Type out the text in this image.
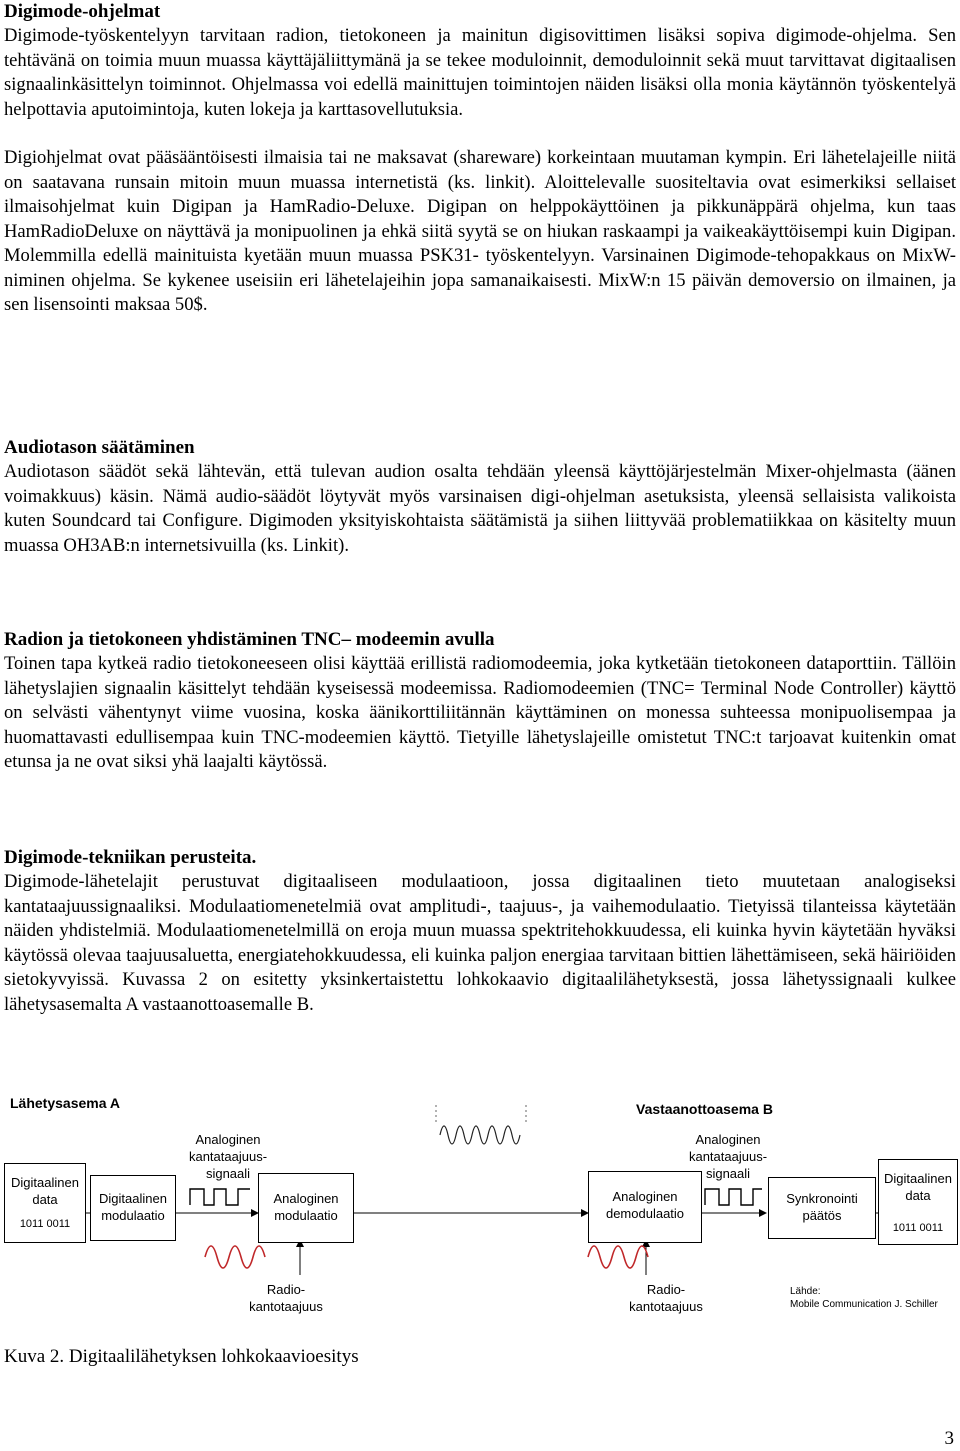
Digimode-ohjelmat

Digimode-työskentelyyn tarvitaan radion, tietokoneen ja mainitun digisovittimen lisäksi sopiva digimode-ohjelma. Sen tehtävänä on toimia muun muassa käyttäjäliittymänä ja se tekee moduloinnit, demoduloinnit sekä muut tarvittavat digitaalisen signaalinkäsittelyn toiminnot. Ohjelmassa voi edellä mainittujen toimintojen näiden lisäksi olla monia käytännön työskentelyä helpottavia aputoimintoja, kuten lokeja ja karttasovellutuksia.

Digiohjelmat ovat pääsääntöisesti ilmaisia tai ne maksavat (shareware) korkeintaan muutaman kympin. Eri lähetelajeille niitä on saatavana runsain mitoin muun muassa internetistä (ks. linkit). Aloittelevalle suositeltavia ovat esimerkiksi sellaiset ilmaisohjelmat kuin Digipan ja HamRadio-Deluxe. Digipan on helppokäyttöinen ja pikkunäppärä ohjelma, kun taas HamRadioDeluxe on näyttävä ja monipuolinen ja ehkä siitä syytä se on hiukan raskaampi ja vaikeakäyttöisempi kuin Digipan. Molemmilla edellä mainituista kyetään muun muassa PSK31- työskentelyyn. Varsinainen Digimode-tehopakkaus on MixW- niminen ohjelma. Se kykenee useisiin eri lähetelajeihin jopa samanaikaisesti. MixW:n 15 päivän demoversio on ilmainen, ja sen lisensointi maksaa 50$.

Audiotason säätäminen

Audiotason säädöt sekä lähtevän, että tulevan audion osalta tehdään yleensä käyttöjärjestelmän Mixer-ohjelmasta (äänen voimakkuus) käsin. Nämä audio-säädöt löytyvät myös varsinaisen digi-ohjelman asetuksista, yleensä sellaisista valikoista kuten Soundcard tai Configure. Digimoden yksityiskohtaista säätämistä ja siihen liittyvää problematiikkaa on käsitelty muun muassa OH3AB:n internetsivuilla (ks. Linkit).

Radion ja tietokoneen yhdistäminen TNC– modeemin avulla

Toinen tapa kytkeä radio tietokoneeseen olisi käyttää erillistä radiomodeemia, joka kytketään tietokoneen dataporttiin. Tällöin lähetyslajien signaalin käsittelyt tehdään kyseisessä modeemissa. Radiomodeemien (TNC= Terminal Node Controller) käyttö on selvästi vähentynyt viime vuosina, koska äänikorttiliitännän käyttäminen on monessa suhteessa monipuolisempaa ja huomattavasti edullisempaa kuin TNC-modeemien käyttö. Tietyille lähetyslajeille omistetut TNC:t tarjoavat kuitenkin omat etunsa ja ne ovat siksi yhä laajalti käytössä.

Digimode-tekniikan perusteita.

Digimode-lähetelajit perustuvat digitaaliseen modulaatioon, jossa digitaalinen tieto muutetaan analogiseksi kantataajuussignaaliksi. Modulaatiomenetelmiä ovat amplitudi-, taajuus-, ja vaihemodulaatio. Tietyissä tilanteissa käytetään näiden yhdistelmiä. Modulaatiomenetelmillä on eroja muun muassa spektritehokkuudessa, eli kuinka hyvin käytetään hyväksi käytössä olevaa taajuusaluetta, energiatehokkuudessa, eli kuinka paljon energiaa tarvitaan bittien lähettämiseen, sekä häiriöiden sietokyvyissä. Kuvassa 2 on esitetty yksinkertaistettu lohkokaavio digitaalilähetyksestä, jossa lähetyssignaali kulkee lähetysasemalta A vastaanottoasemalle B.

Lähetysasema A	Vastaanottoasema B
Digitaalinen data
1011 0011
Digitaalinen modulaatio
Analoginen kantataajuus-signaali
Analoginen modulaatio
Radio-kantotaajuus
Analoginen demodulaatio
Analoginen kantataajuus-signaali
Synkronointi päätös
Digitaalinen data
1011 0011
Radio-kantotaajuus
Lähde:
Mobile Communication J. Schiller
Kuva 2. Digitaalilähetyksen lohkokaavioesitys
3
